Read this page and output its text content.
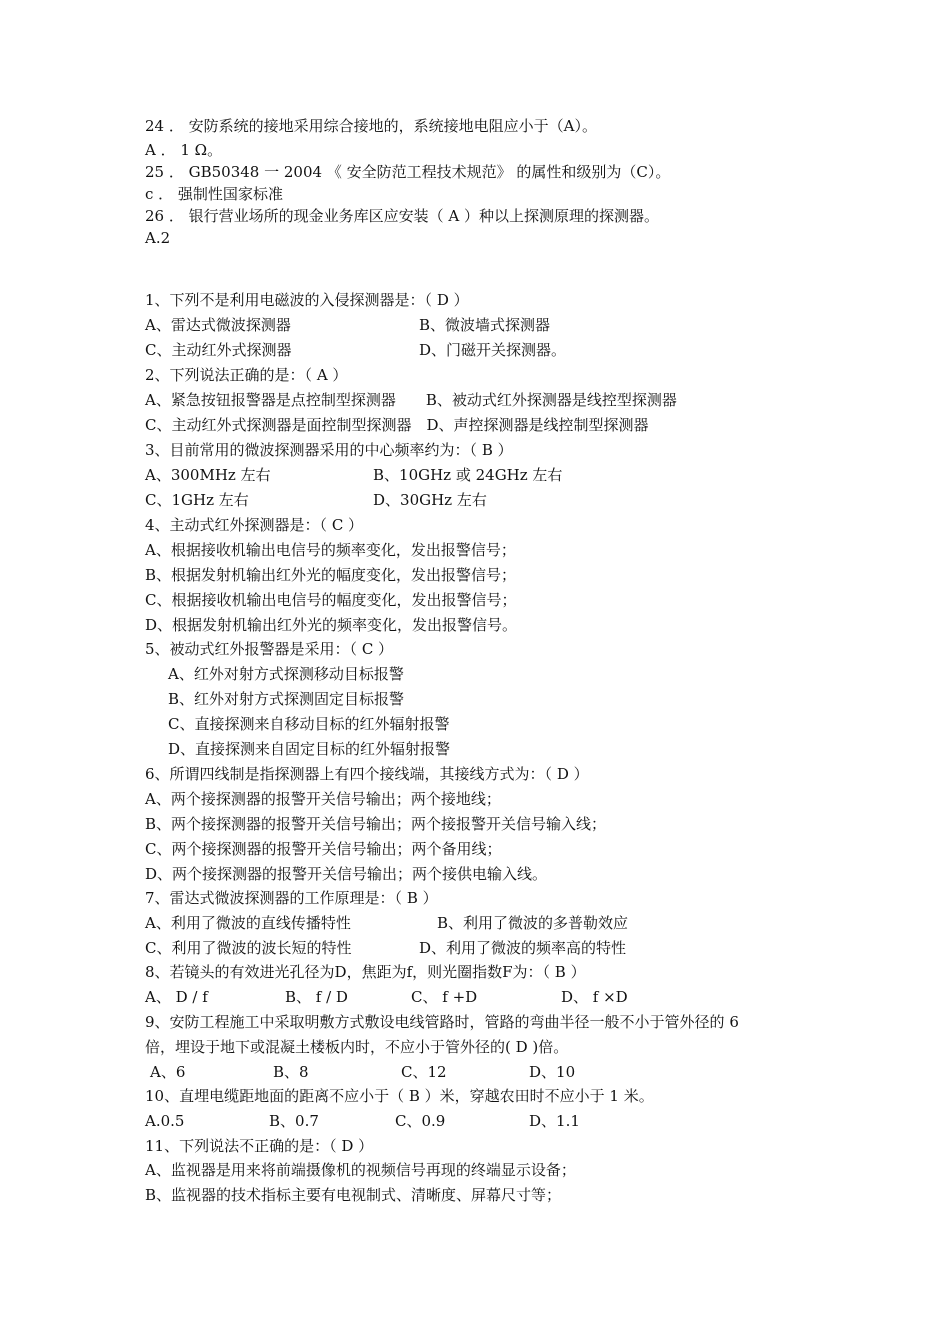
24 ． 安防系统的接地采用综合接地的，系统接地电阻应小于（A）。
A ． 1 Ω。
25 ． GB50348 一 2004 《 安全防范工程技术规范》 的属性和级别为（C）。
c ． 强制性国家标准
26 ． 银行营业场所的现金业务库区应安装（ A ）种以上探测原理的探测器。
A.2
1、下列不是利用电磁波的入侵探测器是：（ D ）
A、雷达式微波探测器	B、微波墙式探测器
C、主动红外式探测器	D、门磁开关探测器。
2、下列说法正确的是：（ A ）
A、紧急按钮报警器是点控制型探测器　　B、被动式红外探测器是线控型探测器
C、主动红外式探测器是面控制型探测器　D、声控探测器是线控制型探测器
3、目前常用的微波探测器采用的中心频率约为：（ B ）
A、300MHz 左右	B、10GHz 或 24GHz 左右
C、1GHz 左右	D、30GHz 左右
4、主动式红外探测器是：（ C ）
A、根据接收机输出电信号的频率变化，发出报警信号；
B、根据发射机输出红外光的幅度变化，发出报警信号；
C、根据接收机输出电信号的幅度变化，发出报警信号；
D、根据发射机输出红外光的频率变化，发出报警信号。
5、被动式红外报警器是采用：（ C ）
A、红外对射方式探测移动目标报警
B、红外对射方式探测固定目标报警
C、直接探测来自移动目标的红外辐射报警
D、直接探测来自固定目标的红外辐射报警
6、所谓四线制是指探测器上有四个接线端，其接线方式为：（ D ）
A、两个接探测器的报警开关信号输出；两个接地线；
B、两个接探测器的报警开关信号输出；两个接报警开关信号输入线；
C、两个接探测器的报警开关信号输出；两个备用线；
D、两个接探测器的报警开关信号输出；两个接供电输入线。
7、雷达式微波探测器的工作原理是：（ B ）
A、利用了微波的直线传播特性	B、利用了微波的多普勒效应
C、利用了微波的波长短的特性	D、利用了微波的频率高的特性
8、若镜头的有效进光孔径为D，焦距为f，则光圈指数F为：（ B ）
A、 D / f	B、 f / D	C、 f +D	D、 f ×D
9、安防工程施工中采取明敷方式敷设电线管路时，管路的弯曲半径一般不小于管外径的 6
倍，埋设于地下或混凝土楼板内时，不应小于管外径的( D )倍。
A、6	B、8	C、12	D、10
10、直埋电缆距地面的距离不应小于（ B ）米，穿越农田时不应小于 1 米。
A.0.5	B、0.7	C、0.9	D、1.1
11、下列说法不正确的是：（ D ）
A、监视器是用来将前端摄像机的视频信号再现的终端显示设备；
B、监视器的技术指标主要有电视制式、清晰度、屏幕尺寸等；
